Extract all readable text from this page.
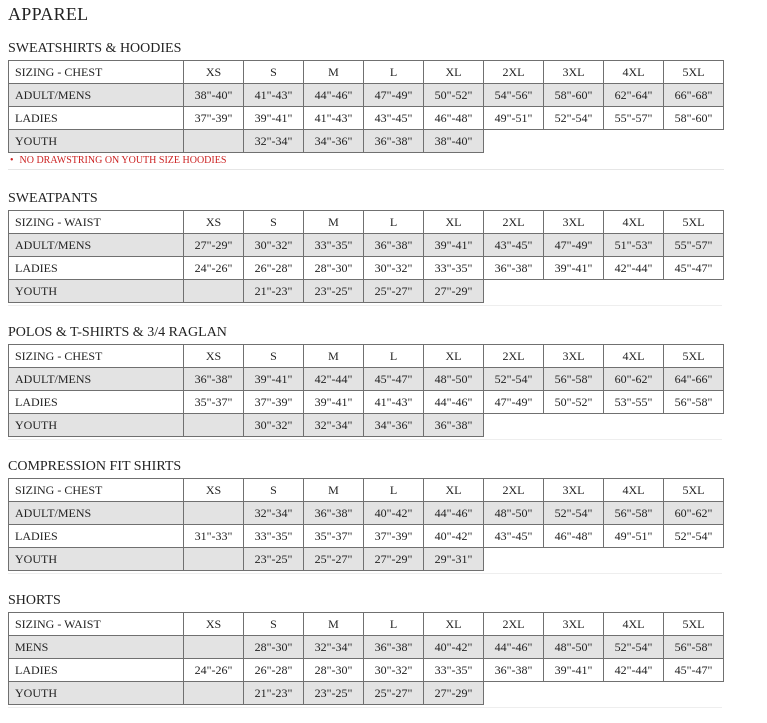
APPAREL
SWEATSHIRTS & HOODIES
SIZING - CHEST	XS	S	M	L	XL	2XL	3XL	4XL	5XL
ADULT/MENS	38"-40"	41"-43"	44"-46"	47"-49"	50"-52"	54"-56"	58"-60"	62"-64"	66"-68"
LADIES	37"-39"	39"-41"	41"-43"	43"-45"	46"-48"	49"-51"	52"-54"	55"-57"	58"-60"
YOUTH		32"-34"	34"-36"	36"-38"	38"-40"				
• NO DRAWSTRING ON YOUTH SIZE HOODIES
SWEATPANTS
SIZING - WAIST	XS	S	M	L	XL	2XL	3XL	4XL	5XL
ADULT/MENS	27"-29"	30"-32"	33"-35"	36"-38"	39"-41"	43"-45"	47"-49"	51"-53"	55"-57"
LADIES	24"-26"	26"-28"	28"-30"	30"-32"	33"-35"	36"-38"	39"-41"	42"-44"	45"-47"
YOUTH		21"-23"	23"-25"	25"-27"	27"-29"				
POLOS & T-SHIRTS & 3/4 RAGLAN
SIZING - CHEST	XS	S	M	L	XL	2XL	3XL	4XL	5XL
ADULT/MENS	36"-38"	39"-41"	42"-44"	45"-47"	48"-50"	52"-54"	56"-58"	60"-62"	64"-66"
LADIES	35"-37"	37"-39"	39"-41"	41"-43"	44"-46"	47"-49"	50"-52"	53"-55"	56"-58"
YOUTH		30"-32"	32"-34"	34"-36"	36"-38"				
COMPRESSION FIT SHIRTS
SIZING - CHEST	XS	S	M	L	XL	2XL	3XL	4XL	5XL
ADULT/MENS		32"-34"	36"-38"	40"-42"	44"-46"	48"-50"	52"-54"	56"-58"	60"-62"
LADIES	31"-33"	33"-35"	35"-37"	37"-39"	40"-42"	43"-45"	46"-48"	49"-51"	52"-54"
YOUTH		23"-25"	25"-27"	27"-29"	29"-31"				
SHORTS
SIZING - WAIST	XS	S	M	L	XL	2XL	3XL	4XL	5XL
MENS		28"-30"	32"-34"	36"-38"	40"-42"	44"-46"	48"-50"	52"-54"	56"-58"
LADIES	24"-26"	26"-28"	28"-30"	30"-32"	33"-35"	36"-38"	39"-41"	42"-44"	45"-47"
YOUTH		21"-23"	23"-25"	25"-27"	27"-29"				
